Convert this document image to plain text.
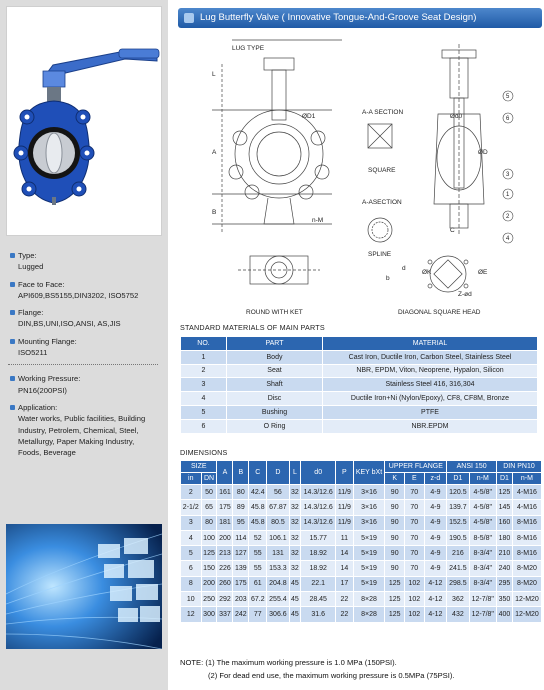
Type:
Lugged
Face to Face:
API609,BS5155,DIN3202, ISO5752
Flange:
DIN,BS,UNI,ISO,ANSI, AS,JIS
Mounting Flange:
ISO5211
Working Pressure:
PN16(200PSI)
Application:
Water works, Public facilities, Building
Industry, Petrolem, Chemical, Steel,
Metallurgy, Paper Making Industry,
Foods, Beverage
Lug Butterfly Valve ( Innovative Tongue-And-Groove Seat Design)
LUG TYPE
ROUND WITH KET	DIAGONAL SQUARE HEAD
A-A SECTION
SQUARE
A-ASECTION
SPLINE
A
B
L
ØD1
n-M
Ød0
ØD
C
ØK	ØE
Z-ød
b
d
5
6
3
1
2
4
STANDARD MATERIALS OF MAIN PARTS
NO.	PART	MATERIAL
1	Body	Cast Iron, Ductile Iron, Carbon Steel, Stainless Steel
2	Seat	NBR, EPDM, Viton, Neoprene, Hypalon, Silicon
3	Shaft	Stainless Steel 416, 316,304
4	Disc	Ductile Iron+Ni (Nylon/Epoxy), CF8, CF8M, Bronze
5	Bushing	PTFE
6	O Ring	NBR.EPDM
DIMENSIONS
SIZE		A	B	C	D	L	d0	P	KEY bXt	UPPER FLANGE			ANSI 150		DIN PN10	
in	DN									K	E	z-d	D1	n-M	D1	n-M
2	50	161	80	42.4	56	32	14.3/12.6	11/9	3×16	90	70	4-9	120.5	4-5/8"	125	4-M16
2-1/2	65	175	89	45.8	67.87	32	14.3/12.6	11/9	3×16	90	70	4-9	139.7	4-5/8"	145	4-M16
3	80	181	95	45.8	80.5	32	14.3/12.6	11/9	3×16	90	70	4-9	152.5	4-5/8"	160	8-M16
4	100	200	114	52	106.1	32	15.77	11	5×19	90	70	4-9	190.5	8-5/8"	180	8-M16
5	125	213	127	55	131	32	18.92	14	5×19	90	70	4-9	216	8-3/4"	210	8-M16
6	150	226	139	55	153.3	32	18.92	14	5×19	90	70	4-9	241.5	8-3/4"	240	8-M20
8	200	260	175	61	204.8	45	22.1	17	5×19	125	102	4-12	298.5	8-3/4"	295	8-M20
10	250	292	203	67.2	255.4	45	28.45	22	8×28	125	102	4-12	362	12-7/8"	350	12-M20
12	300	337	242	77	306.6	45	31.6	22	8×28	125	102	4-12	432	12-7/8"	400	12-M20
NOTE: (1) The maximum working pressure is 1.0 MPa (150PSI).
(2) For dead end use, the maximum working pressure is 0.5MPa (75PSI).
